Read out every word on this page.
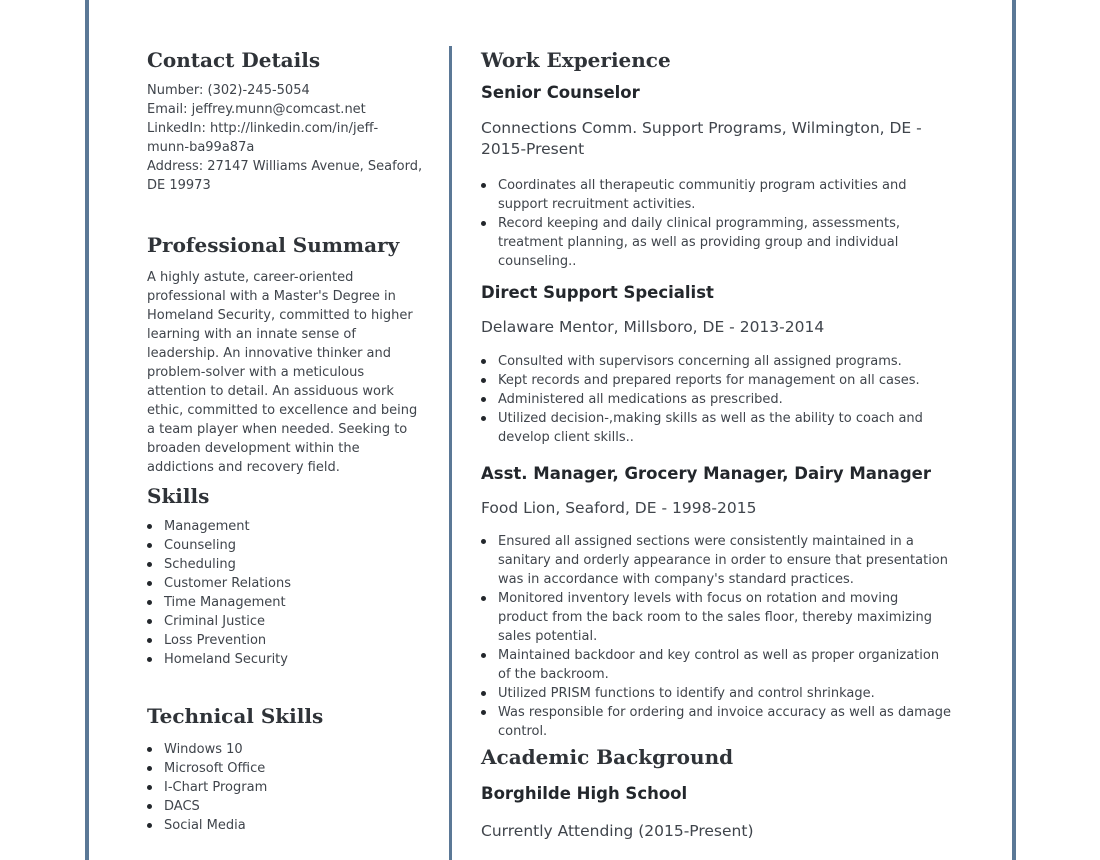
Contact Details

Number: (302)-245-5054

Email: jeffrey.munn@comcast.net

LinkedIn: http://linkedin.com/in/jeff-

munn-ba99a87a

Address: 27147 Williams Avenue, Seaford,

DE 19973

Professional Summary

A highly astute, career-oriented

professional with a Master's Degree in

Homeland Security, committed to higher

learning with an innate sense of

leadership. An innovative thinker and

problem-solver with a meticulous

attention to detail. An assiduous work

ethic, committed to excellence and being

a team player when needed. Seeking to

broaden development within the

addictions and recovery field.

Skills
Management
Counseling
Scheduling
Customer Relations
Time Management
Criminal Justice
Loss Prevention
Homeland Security
Technical Skills
Windows 10
Microsoft Office
I-Chart Program
DACS
Social Media
Work Experience
Senior Counselor
Connections Comm. Support Programs, Wilmington, DE -
2015-Present
Coordinates all therapeutic communitiy program activities and
support recruitment activities.
Record keeping and daily clinical programming, assessments,
treatment planning, as well as providing group and individual
counseling..
Direct Support Specialist
Delaware Mentor, Millsboro, DE - 2013-2014
Consulted with supervisors concerning all assigned programs.
Kept records and prepared reports for management on all cases.
Administered all medications as prescribed.
Utilized decision-,making skills as well as the ability to coach and
develop client skills..
Asst. Manager, Grocery Manager, Dairy Manager
Food Lion, Seaford, DE - 1998-2015
Ensured all assigned sections were consistently maintained in a
sanitary and orderly appearance in order to ensure that presentation
was in accordance with company's standard practices.
Monitored inventory levels with focus on rotation and moving
product from the back room to the sales floor, thereby maximizing
sales potential.
Maintained backdoor and key control as well as proper organization
of the backroom.
Utilized PRISM functions to identify and control shrinkage.
Was responsible for ordering and invoice accuracy as well as damage
control.
Academic Background
Borghilde High School
Currently Attending (2015-Present)
